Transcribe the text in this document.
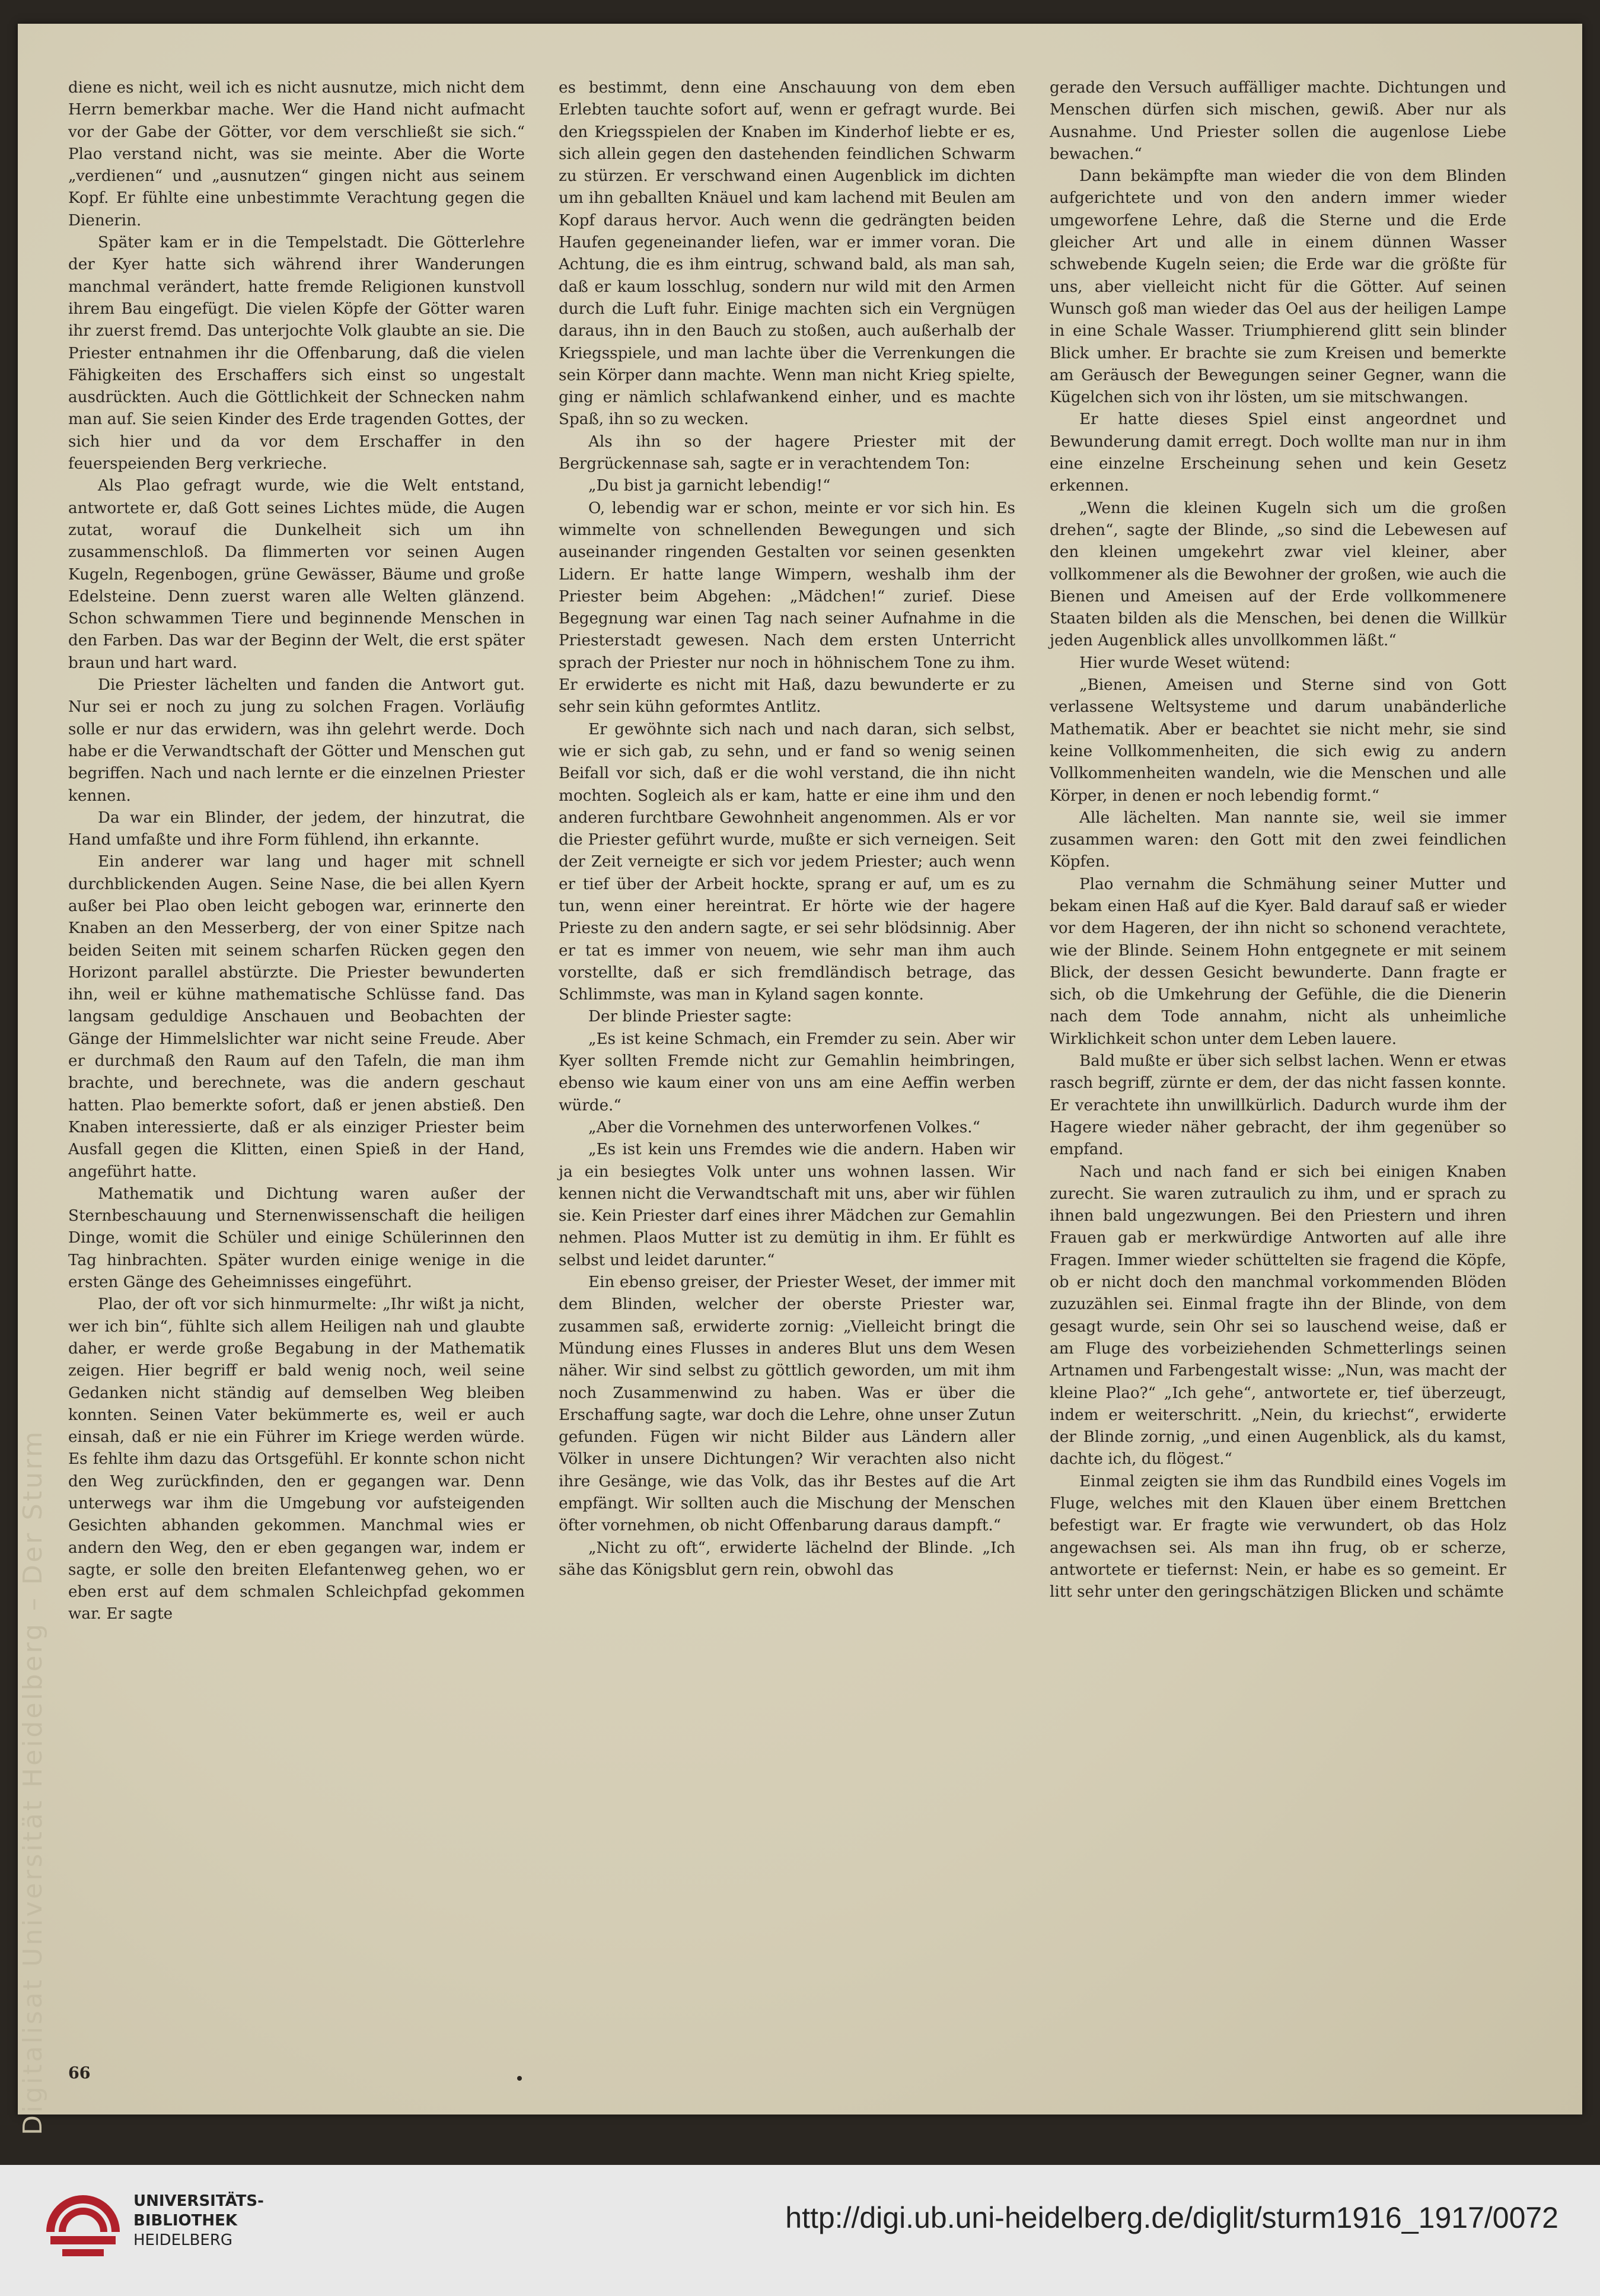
diene es nicht, weil ich es nicht ausnutze, mich nicht dem Herrn bemerkbar mache. Wer die Hand nicht aufmacht vor der Gabe der Götter, vor dem verschließt sie sich.“ Plao verstand nicht, was sie meinte. Aber die Worte „verdienen“ und „ausnutzen“ gingen nicht aus seinem Kopf. Er fühlte eine unbestimmte Verachtung gegen die Dienerin.

Später kam er in die Tempelstadt. Die Götterlehre der Kyer hatte sich während ihrer Wanderungen manchmal verändert, hatte fremde Religionen kunstvoll ihrem Bau eingefügt. Die vielen Köpfe der Götter waren ihr zuerst fremd. Das unterjochte Volk glaubte an sie. Die Priester entnahmen ihr die Offenbarung, daß die vielen Fähigkeiten des Erschaffers sich einst so ungestalt ausdrückten. Auch die Göttlichkeit der Schnecken nahm man auf. Sie seien Kinder des Erde tragenden Gottes, der sich hier und da vor dem Erschaffer in den feuerspeienden Berg verkrieche.

Als Plao gefragt wurde, wie die Welt entstand, antwortete er, daß Gott seines Lichtes müde, die Augen zutat, worauf die Dunkelheit sich um ihn zusammenschloß. Da flimmerten vor seinen Augen Kugeln, Regenbogen, grüne Gewässer, Bäume und große Edelsteine. Denn zuerst waren alle Welten glänzend. Schon schwammen Tiere und beginnende Menschen in den Farben. Das war der Beginn der Welt, die erst später braun und hart ward.

Die Priester lächelten und fanden die Antwort gut. Nur sei er noch zu jung zu solchen Fragen. Vorläufig solle er nur das erwidern, was ihn gelehrt werde. Doch habe er die Verwandtschaft der Götter und Menschen gut begriffen. Nach und nach lernte er die einzelnen Priester kennen.

Da war ein Blinder, der jedem, der hinzutrat, die Hand umfaßte und ihre Form fühlend, ihn erkannte.

Ein anderer war lang und hager mit schnell durchblickenden Augen. Seine Nase, die bei allen Kyern außer bei Plao oben leicht gebogen war, erinnerte den Knaben an den Messerberg, der von einer Spitze nach beiden Seiten mit seinem scharfen Rücken gegen den Horizont parallel abstürzte. Die Priester bewunderten ihn, weil er kühne mathematische Schlüsse fand. Das langsam geduldige Anschauen und Beobachten der Gänge der Himmelslichter war nicht seine Freude. Aber er durchmaß den Raum auf den Tafeln, die man ihm brachte, und berechnete, was die andern geschaut hatten. Plao bemerkte sofort, daß er jenen abstieß. Den Knaben interessierte, daß er als einziger Priester beim Ausfall gegen die Klitten, einen Spieß in der Hand, angeführt hatte.

Mathematik und Dichtung waren außer der Sternbeschauung und Sternenwissenschaft die heiligen Dinge, womit die Schüler und einige Schülerinnen den Tag hinbrachten. Später wurden einige wenige in die ersten Gänge des Geheimnisses eingeführt.

Plao, der oft vor sich hinmurmelte: „Ihr wißt ja nicht, wer ich bin“, fühlte sich allem Heiligen nah und glaubte daher, er werde große Begabung in der Mathematik zeigen. Hier begriff er bald wenig noch, weil seine Gedanken nicht ständig auf demselben Weg bleiben konnten. Seinen Vater bekümmerte es, weil er auch einsah, daß er nie ein Führer im Kriege werden würde. Es fehlte ihm dazu das Ortsgefühl. Er konnte schon nicht den Weg zurückfinden, den er gegangen war. Denn unterwegs war ihm die Umgebung vor aufsteigenden Gesichten abhanden gekommen. Manchmal wies er andern den Weg, den er eben gegangen war, indem er sagte, er solle den breiten Elefantenweg gehen, wo er eben erst auf dem schmalen Schleichpfad gekommen war. Er sagte

es bestimmt, denn eine Anschauung von dem eben Erlebten tauchte sofort auf, wenn er gefragt wurde. Bei den Kriegsspielen der Knaben im Kinderhof liebte er es, sich allein gegen den dastehenden feindlichen Schwarm zu stürzen. Er verschwand einen Augenblick im dichten um ihn geballten Knäuel und kam lachend mit Beulen am Kopf daraus hervor. Auch wenn die gedrängten beiden Haufen gegeneinander liefen, war er immer voran. Die Achtung, die es ihm eintrug, schwand bald, als man sah, daß er kaum losschlug, sondern nur wild mit den Armen durch die Luft fuhr. Einige machten sich ein Vergnügen daraus, ihn in den Bauch zu stoßen, auch außerhalb der Kriegsspiele, und man lachte über die Verrenkungen die sein Körper dann machte. Wenn man nicht Krieg spielte, ging er nämlich schlafwankend einher, und es machte Spaß, ihn so zu wecken.

Als ihn so der hagere Priester mit der Bergrückennase sah, sagte er in verachtendem Ton:

„Du bist ja garnicht lebendig!“

O, lebendig war er schon, meinte er vor sich hin. Es wimmelte von schnellenden Bewegungen und sich auseinander ringenden Gestalten vor seinen gesenkten Lidern. Er hatte lange Wimpern, weshalb ihm der Priester beim Abgehen: „Mädchen!“ zurief. Diese Begegnung war einen Tag nach seiner Aufnahme in die Priesterstadt gewesen. Nach dem ersten Unterricht sprach der Priester nur noch in höhnischem Tone zu ihm. Er erwiderte es nicht mit Haß, dazu bewunderte er zu sehr sein kühn geformtes Antlitz.

Er gewöhnte sich nach und nach daran, sich selbst, wie er sich gab, zu sehn, und er fand so wenig seinen Beifall vor sich, daß er die wohl verstand, die ihn nicht mochten. Sogleich als er kam, hatte er eine ihm und den anderen furchtbare Gewohnheit angenommen. Als er vor die Priester geführt wurde, mußte er sich verneigen. Seit der Zeit verneigte er sich vor jedem Priester; auch wenn er tief über der Arbeit hockte, sprang er auf, um es zu tun, wenn einer hereintrat. Er hörte wie der hagere Prieste zu den andern sagte, er sei sehr blödsinnig. Aber er tat es immer von neuem, wie sehr man ihm auch vorstellte, daß er sich fremdländisch betrage, das Schlimmste, was man in Kyland sagen konnte.

Der blinde Priester sagte:

„Es ist keine Schmach, ein Fremder zu sein. Aber wir Kyer sollten Fremde nicht zur Gemahlin heimbringen, ebenso wie kaum einer von uns am eine Aeffin werben würde.“

„Aber die Vornehmen des unterworfenen Volkes.“

„Es ist kein uns Fremdes wie die andern. Haben wir ja ein besiegtes Volk unter uns wohnen lassen. Wir kennen nicht die Verwandtschaft mit uns, aber wir fühlen sie. Kein Priester darf eines ihrer Mädchen zur Gemahlin nehmen. Plaos Mutter ist zu demütig in ihm. Er fühlt es selbst und leidet darunter.“

Ein ebenso greiser, der Priester Weset, der immer mit dem Blinden, welcher der oberste Priester war, zusammen saß, erwiderte zornig: „Vielleicht bringt die Mündung eines Flusses in anderes Blut uns dem Wesen näher. Wir sind selbst zu göttlich geworden, um mit ihm noch Zusammenwind zu haben. Was er über die Erschaffung sagte, war doch die Lehre, ohne unser Zutun gefunden. Fügen wir nicht Bilder aus Ländern aller Völker in unsere Dichtungen? Wir verachten also nicht ihre Gesänge, wie das Volk, das ihr Bestes auf die Art empfängt. Wir sollten auch die Mischung der Menschen öfter vornehmen, ob nicht Offenbarung daraus dampft.“

„Nicht zu oft“, erwiderte lächelnd der Blinde. „Ich sähe das Königsblut gern rein, obwohl das

gerade den Versuch auffälliger machte. Dichtungen und Menschen dürfen sich mischen, gewiß. Aber nur als Ausnahme. Und Priester sollen die augenlose Liebe bewachen.“

Dann bekämpfte man wieder die von dem Blinden aufgerichtete und von den andern immer wieder umgeworfene Lehre, daß die Sterne und die Erde gleicher Art und alle in einem dünnen Wasser schwebende Kugeln seien; die Erde war die größte für uns, aber vielleicht nicht für die Götter. Auf seinen Wunsch goß man wieder das Oel aus der heiligen Lampe in eine Schale Wasser. Triumphierend glitt sein blinder Blick umher. Er brachte sie zum Kreisen und bemerkte am Geräusch der Bewegungen seiner Gegner, wann die Kügelchen sich von ihr lösten, um sie mitschwangen.

Er hatte dieses Spiel einst angeordnet und Bewunderung damit erregt. Doch wollte man nur in ihm eine einzelne Erscheinung sehen und kein Gesetz erkennen.

„Wenn die kleinen Kugeln sich um die großen drehen“, sagte der Blinde, „so sind die Lebewesen auf den kleinen umgekehrt zwar viel kleiner, aber vollkommener als die Bewohner der großen, wie auch die Bienen und Ameisen auf der Erde vollkommenere Staaten bilden als die Menschen, bei denen die Willkür jeden Augenblick alles unvollkommen läßt.“

Hier wurde Weset wütend:

„Bienen, Ameisen und Sterne sind von Gott verlassene Weltsysteme und darum unabänderliche Mathematik. Aber er beachtet sie nicht mehr, sie sind keine Vollkommenheiten, die sich ewig zu andern Vollkommenheiten wandeln, wie die Menschen und alle Körper, in denen er noch lebendig formt.“

Alle lächelten. Man nannte sie, weil sie immer zusammen waren: den Gott mit den zwei feindlichen Köpfen.

Plao vernahm die Schmähung seiner Mutter und bekam einen Haß auf die Kyer. Bald darauf saß er wieder vor dem Hageren, der ihn nicht so schonend verachtete, wie der Blinde. Seinem Hohn entgegnete er mit seinem Blick, der dessen Gesicht bewunderte. Dann fragte er sich, ob die Umkehrung der Gefühle, die die Dienerin nach dem Tode annahm, nicht als unheimliche Wirklichkeit schon unter dem Leben lauere.

Bald mußte er über sich selbst lachen. Wenn er etwas rasch begriff, zürnte er dem, der das nicht fassen konnte. Er verachtete ihn unwillkürlich. Dadurch wurde ihm der Hagere wieder näher gebracht, der ihm gegenüber so empfand.

Nach und nach fand er sich bei einigen Knaben zurecht. Sie waren zutraulich zu ihm, und er sprach zu ihnen bald ungezwungen. Bei den Priestern und ihren Frauen gab er merkwürdige Antworten auf alle ihre Fragen. Immer wieder schüttelten sie fragend die Köpfe, ob er nicht doch den manchmal vorkommenden Blöden zuzuzählen sei. Einmal fragte ihn der Blinde, von dem gesagt wurde, sein Ohr sei so lauschend weise, daß er am Fluge des vorbeiziehenden Schmetterlings seinen Artnamen und Farbengestalt wisse: „Nun, was macht der kleine Plao?“ „Ich gehe“, antwortete er, tief überzeugt, indem er weiterschritt. „Nein, du kriechst“, erwiderte der Blinde zornig, „und einen Augenblick, als du kamst, dachte ich, du flögest.“

Einmal zeigten sie ihm das Rundbild eines Vogels im Fluge, welches mit den Klauen über einem Brettchen befestigt war. Er fragte wie verwundert, ob das Holz angewachsen sei. Als man ihn frug, ob er scherze, antwortete er tiefernst: Nein, er habe es so gemeint. Er litt sehr unter den geringschätzigen Blicken und schämte

Digitalisat Universität Heidelberg – Der Sturm	66
UNIVERSITÄTS-
BIBLIOTHEK
HEIDELBERG
http://digi.ub.uni-heidelberg.de/diglit/sturm1916_1917/0072
